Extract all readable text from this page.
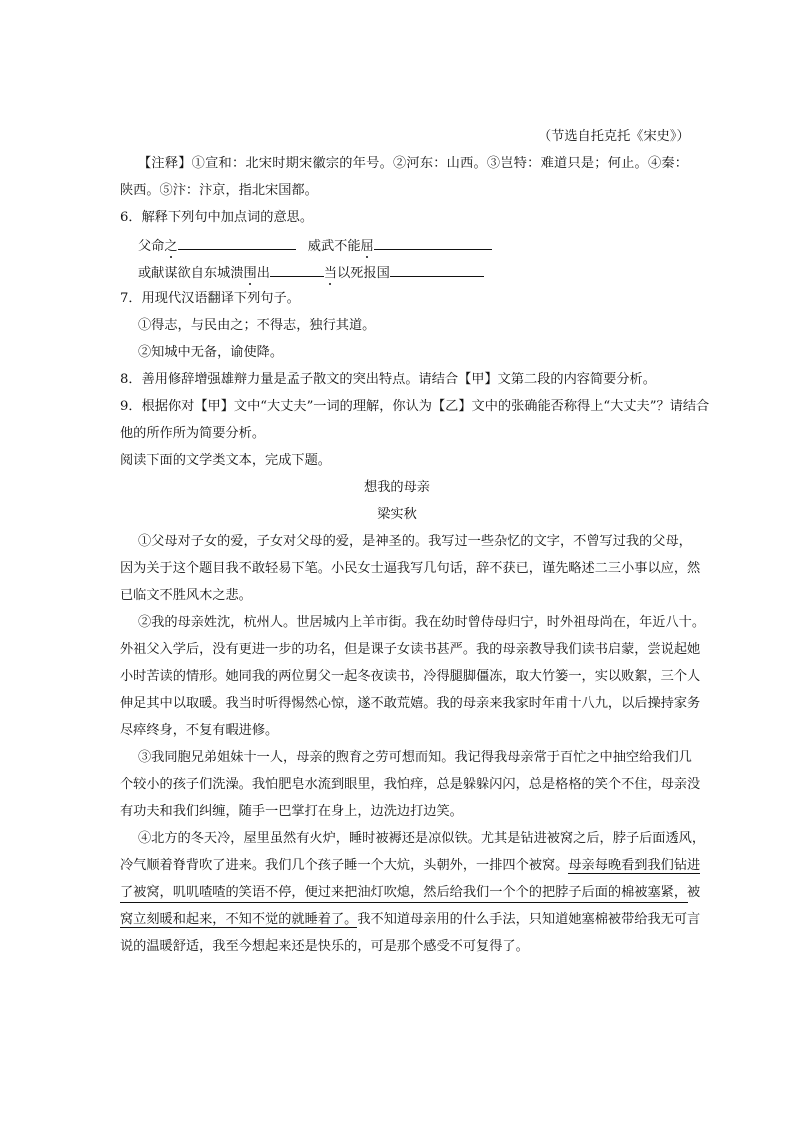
（节选自托克托《宋史》）
【注释】①宣和：北宋时期宋徽宗的年号。②河东：山西。③岂特：难道只是；何止。④秦：
陕西。⑤汴：汴京，指北宋国都。
6．解释下列句中加点词的意思。
父命之	威武不能屈
或献谋欲自东城溃围出	当以死报国
7．用现代汉语翻译下列句子。
①得志，与民由之；不得志，独行其道。
②知城中无备，谕使降。
8．善用修辞增强雄辩力量是孟子散文的突出特点。请结合【甲】文第二段的内容简要分析。
9．根据你对【甲】文中“大丈夫”一词的理解，你认为【乙】文中的张确能否称得上“大丈夫”？请结合
他的所作所为简要分析。
阅读下面的文学类文本，完成下题。
想我的母亲
梁实秋
①父母对子女的爱，子女对父母的爱，是神圣的。我写过一些杂忆的文字，不曾写过我的父母，
因为关于这个题目我不敢轻易下笔。小民女士逼我写几句话，辞不获已，谨先略述二三小事以应，然
已临文不胜风木之悲。
②我的母亲姓沈，杭州人。世居城内上羊市街。我在幼时曾侍母归宁，时外祖母尚在，年近八十。
外祖父入学后，没有更进一步的功名，但是课子女读书甚严。我的母亲教导我们读书启蒙，尝说起她
小时苦读的情形。她同我的两位舅父一起冬夜读书，冷得腿脚僵冻，取大竹篓一，实以败絮，三个人
伸足其中以取暖。我当时听得惕然心惊，遂不敢荒嬉。我的母亲来我家时年甫十八九，以后操持家务
尽瘁终身，不复有暇进修。
③我同胞兄弟姐妹十一人，母亲的煦育之劳可想而知。我记得我母亲常于百忙之中抽空给我们几
个较小的孩子们洗澡。我怕肥皂水流到眼里，我怕痒，总是躲躲闪闪，总是格格的笑个不住，母亲没
有功夫和我们纠缠，随手一巴掌打在身上，边洗边打边笑。
④北方的冬天冷，屋里虽然有火炉，睡时被褥还是凉似铁。尤其是钻进被窝之后，脖子后面透风，
冷气顺着脊背吹了进来。我们几个孩子睡一个大炕，头朝外，一排四个被窝。母亲每晚看到我们钻进
了被窝，叽叽喳喳的笑语不停，便过来把油灯吹熄，然后给我们一个个的把脖子后面的棉被塞紧，被
窝立刻暖和起来，不知不觉的就睡着了。我不知道母亲用的什么手法，只知道她塞棉被带给我无可言
说的温暖舒适，我至今想起来还是快乐的，可是那个感受不可复得了。
